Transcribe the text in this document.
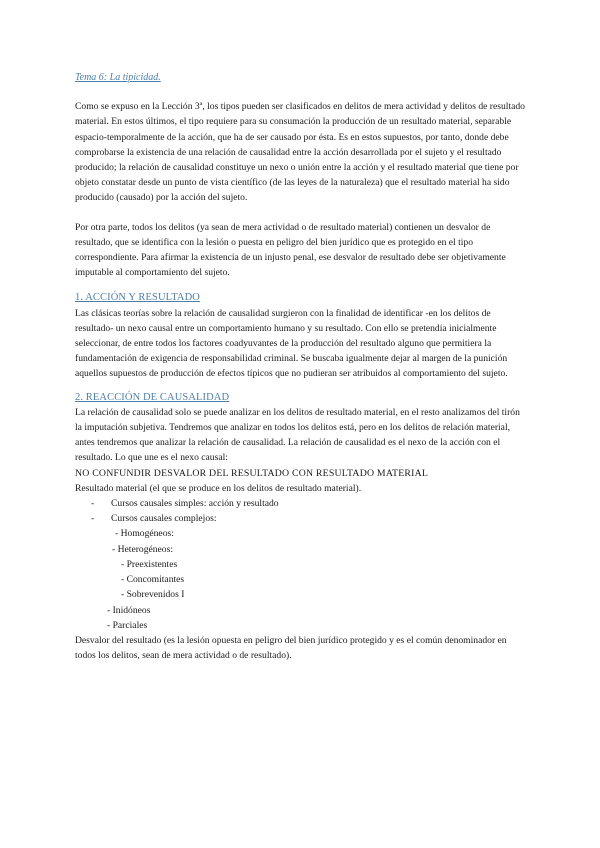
Tema 6: La tipicidad.

Como se expuso en la Lección 3ª, los tipos pueden ser clasificados en delitos de mera actividad y delitos de resultado material. En estos últimos, el tipo requiere para su consumación la producción de un resultado material, separable espacio-temporalmente de la acción, que ha de ser causado por ésta. Es en estos supuestos, por tanto, donde debe comprobarse la existencia de una relación de causalidad entre la acción desarrollada por el sujeto y el resultado producido; la relación de causalidad constituye un nexo o unión entre la acción y el resultado material que tiene por objeto constatar desde un punto de vista científico (de las leyes de la naturaleza) que el resultado material ha sido producido (causado) por la acción del sujeto.

Por otra parte, todos los delitos (ya sean de mera actividad o de resultado material) contienen un desvalor de resultado, que se identifica con la lesión o puesta en peligro del bien jurídico que es protegido en el tipo correspondiente. Para afirmar la existencia de un injusto penal, ese desvalor de resultado debe ser objetivamente imputable al comportamiento del sujeto.

1. ACCIÓN Y RESULTADO

Las clásicas teorías sobre la relación de causalidad surgieron con la finalidad de identificar -en los delitos de resultado- un nexo causal entre un comportamiento humano y su resultado. Con ello se pretendía inicialmente seleccionar, de entre todos los factores coadyuvantes de la producción del resultado alguno que permitiera la fundamentación de exigencia de responsabilidad criminal. Se buscaba igualmente dejar al margen de la punición aquellos supuestos de producción de efectos típicos que no pudieran ser atribuidos al comportamiento del sujeto.

2. REACCIÓN DE CAUSALIDAD

La relación de causalidad solo se puede analizar en los delitos de resultado material, en el resto analizamos del tirón la imputación subjetiva. Tendremos que analizar en todos los delitos está, pero en los delitos de relación material, antes tendremos que analizar la relación de causalidad. La relación de causalidad es el nexo de la acción con el resultado. Lo que une es el nexo causal:

NO CONFUNDIR DESVALOR DEL RESULTADO CON RESULTADO MATERIAL
Resultado material (el que se produce en los delitos de resultado material).
- Cursos causales simples: acción y resultado
- Cursos causales complejos:
- Homogéneos:
- Heterogéneos:
- Preexistentes
- Concomitantes
- Sobrevenidos I
- Inidóneos
- Parciales

Desvalor del resultado (es la lesión opuesta en peligro del bien jurídico protegido y es el común denominador en todos los delitos, sean de mera actividad o de resultado).
